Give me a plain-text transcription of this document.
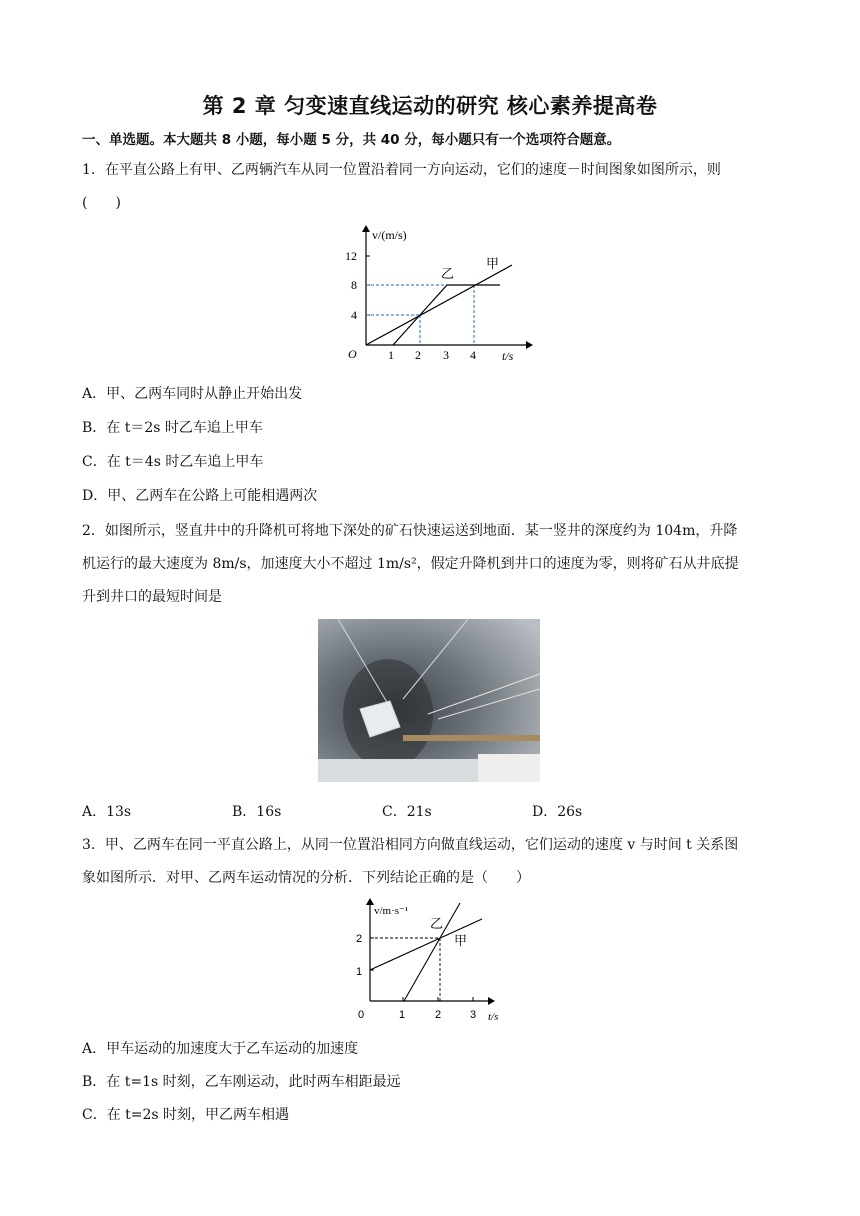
第 2 章 匀变速直线运动的研究 核心素养提高卷
一、单选题。本大题共 8 小题，每小题 5 分，共 40 分，每小题只有一个选项符合题意。
1．在平直公路上有甲、乙两辆汽车从同一位置沿着同一方向运动，它们的速度－时间图象如图所示，则
(　　)
v/(m/s)
t/s
O
12
8
4
1 2 3 4
乙
甲
A．甲、乙两车同时从静止开始出发
B．在 t＝2s 时乙车追上甲车
C．在 t＝4s 时乙车追上甲车
D．甲、乙两车在公路上可能相遇两次
2．如图所示，竖直井中的升降机可将地下深处的矿石快速运送到地面．某一竖井的深度约为 104m，升降
机运行的最大速度为 8m/s，加速度大小不超过 1m/s²，假定升降机到井口的速度为零，则将矿石从井底提
升到井口的最短时间是
A．13s	B．16s	C．21s	D．26s
3．甲、乙两车在同一平直公路上，从同一位置沿相同方向做直线运动，它们运动的速度 v 与时间 t 关系图
象如图所示．对甲、乙两车运动情况的分析．下列结论正确的是（　　）
v/m·s⁻¹
t/s
0
2
1
1	2	3
乙
甲
A．甲车运动的加速度大于乙车运动的加速度
B．在 t=1s 时刻，乙车刚运动，此时两车相距最远
C．在 t=2s 时刻，甲乙两车相遇
